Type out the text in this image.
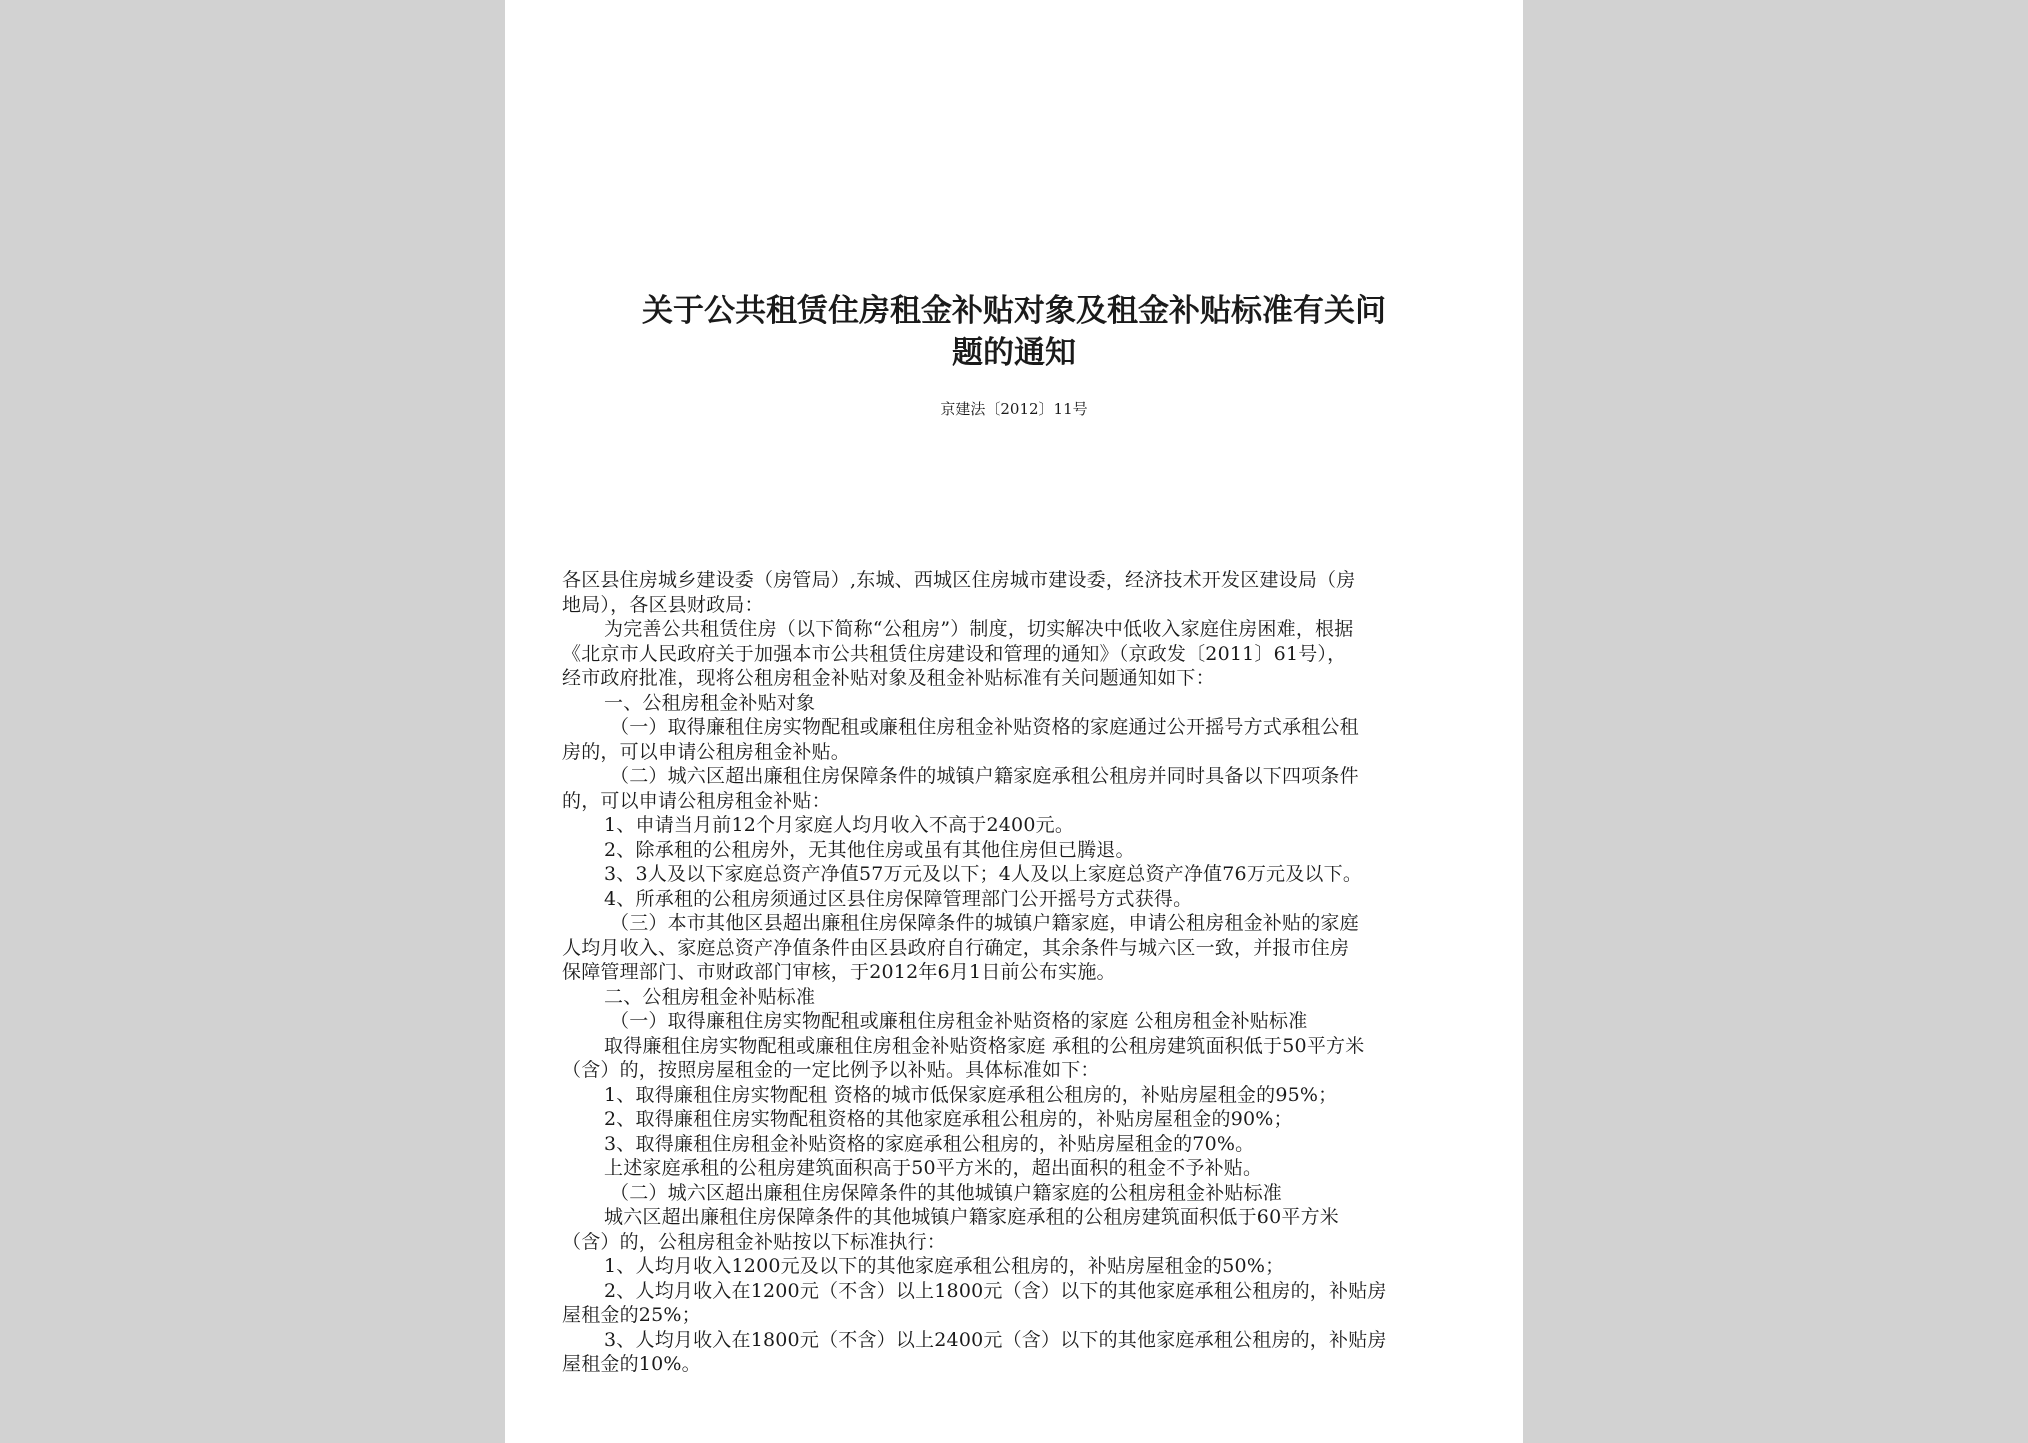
关于公共租赁住房租金补贴对象及租金补贴标准有关问
题的通知
京建法〔2012〕11号

各区县住房城乡建设委（房管局）,东城、西城区住房城市建设委，经济技术开发区建设局（房

地局），各区县财政局：

为完善公共租赁住房（以下简称“公租房”）制度，切实解决中低收入家庭住房困难，根据

《北京市人民政府关于加强本市公共租赁住房建设和管理的通知》（京政发〔2011〕61号），

经市政府批准，现将公租房租金补贴对象及租金补贴标准有关问题通知如下：

一、公租房租金补贴对象

（一）取得廉租住房实物配租或廉租住房租金补贴资格的家庭通过公开摇号方式承租公租

房的，可以申请公租房租金补贴。

（二）城六区超出廉租住房保障条件的城镇户籍家庭承租公租房并同时具备以下四项条件

的，可以申请公租房租金补贴：

1、申请当月前12个月家庭人均月收入不高于2400元。

2、除承租的公租房外，无其他住房或虽有其他住房但已腾退。

3、3人及以下家庭总资产净值57万元及以下；4人及以上家庭总资产净值76万元及以下。

4、所承租的公租房须通过区县住房保障管理部门公开摇号方式获得。

（三）本市其他区县超出廉租住房保障条件的城镇户籍家庭，申请公租房租金补贴的家庭

人均月收入、家庭总资产净值条件由区县政府自行确定，其余条件与城六区一致，并报市住房

保障管理部门、市财政部门审核，于2012年6月1日前公布实施。

二、公租房租金补贴标准

（一）取得廉租住房实物配租或廉租住房租金补贴资格的家庭 公租房租金补贴标准

取得廉租住房实物配租或廉租住房租金补贴资格家庭 承租的公租房建筑面积低于50平方米

（含）的，按照房屋租金的一定比例予以补贴。具体标准如下：

1、取得廉租住房实物配租 资格的城市低保家庭承租公租房的，补贴房屋租金的95%；

2、取得廉租住房实物配租资格的其他家庭承租公租房的，补贴房屋租金的90%；

3、取得廉租住房租金补贴资格的家庭承租公租房的，补贴房屋租金的70%。

上述家庭承租的公租房建筑面积高于50平方米的，超出面积的租金不予补贴。

（二）城六区超出廉租住房保障条件的其他城镇户籍家庭的公租房租金补贴标准

城六区超出廉租住房保障条件的其他城镇户籍家庭承租的公租房建筑面积低于60平方米

（含）的，公租房租金补贴按以下标准执行：

1、人均月收入1200元及以下的其他家庭承租公租房的，补贴房屋租金的50%；

2、人均月收入在1200元（不含）以上1800元（含）以下的其他家庭承租公租房的，补贴房

屋租金的25%；

3、人均月收入在1800元（不含）以上2400元（含）以下的其他家庭承租公租房的，补贴房

屋租金的10%。
